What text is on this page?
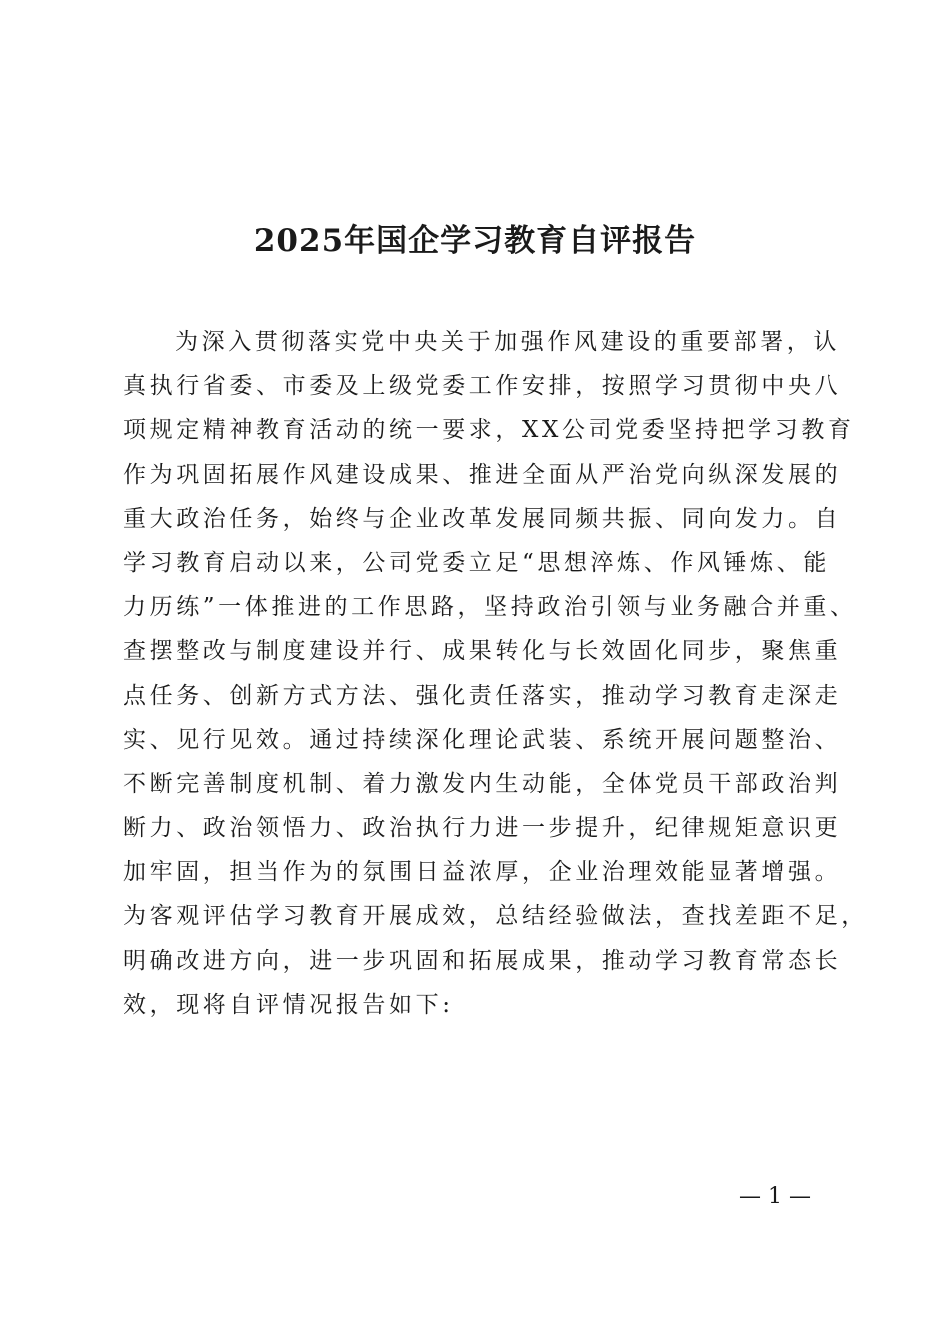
2025年国企学习教育自评报告
为深入贯彻落实党中央关于加强作风建设的重要部署，认
真执行省委、市委及上级党委工作安排，按照学习贯彻中央八
项规定精神教育活动的统一要求，XX公司党委坚持把学习教育
作为巩固拓展作风建设成果、推进全面从严治党向纵深发展的
重大政治任务，始终与企业改革发展同频共振、同向发力。自
学习教育启动以来，公司党委立足“思想淬炼、作风锤炼、能
力历练”一体推进的工作思路，坚持政治引领与业务融合并重、
查摆整改与制度建设并行、成果转化与长效固化同步，聚焦重
点任务、创新方式方法、强化责任落实，推动学习教育走深走
实、见行见效。通过持续深化理论武装、系统开展问题整治、
不断完善制度机制、着力激发内生动能，全体党员干部政治判
断力、政治领悟力、政治执行力进一步提升，纪律规矩意识更
加牢固，担当作为的氛围日益浓厚，企业治理效能显著增强。
为客观评估学习教育开展成效，总结经验做法，查找差距不足，
明确改进方向，进一步巩固和拓展成果，推动学习教育常态长
效，现将自评情况报告如下:
— 1 —
